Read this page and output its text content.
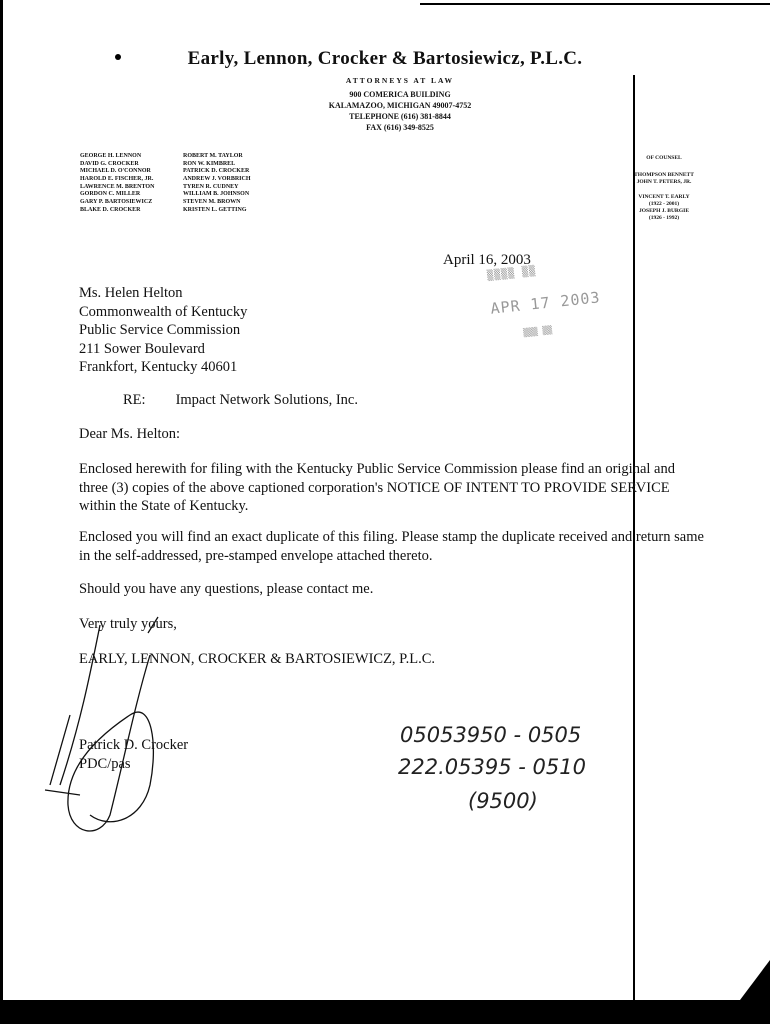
Early, Lennon, Crocker & Bartosiewicz, P.L.C.
ATTORNEYS AT LAW
900 COMERICA BUILDING
KALAMAZOO, MICHIGAN 49007-4752
TELEPHONE (616) 381-8844
FAX (616) 349-8525
GEORGE H. LENNON
DAVID G. CROCKER
MICHAEL D. O'CONNOR
HAROLD E. FISCHER, JR.
LAWRENCE M. BRENTON
GORDON C. MILLER
GARY P. BARTOSIEWICZ
BLAKE D. CROCKER
ROBERT M. TAYLOR
RON W. KIMBREL
PATRICK D. CROCKER
ANDREW J. VORBRICH
TYREN R. CUDNEY
WILLIAM B. JOHNSON
STEVEN M. BROWN
KRISTEN L. GETTING
OF COUNSEL
THOMPSON BENNETT
JOHN T. PETERS, JR.
VINCENT T. EARLY
(1922 - 2001)
JOSEPH J. BURGIE
(1926 - 1992)
▒▒▒▒ ▒▒
APR 17 2003
▒▒▒ ▒▒
April 16, 2003
Ms. Helen Helton
Commonwealth of Kentucky
Public Service Commission
211 Sower Boulevard
Frankfort, Kentucky 40601
RE: Impact Network Solutions, Inc.
Dear Ms. Helton:
Enclosed herewith for filing with the Kentucky Public Service Commission please find an original and three (3) copies of the above captioned corporation's NOTICE OF INTENT TO PROVIDE SERVICE within the State of Kentucky.
Enclosed you will find an exact duplicate of this filing. Please stamp the duplicate received and return same in the self-addressed, pre-stamped envelope attached thereto.
Should you have any questions, please contact me.
Very truly yours,
EARLY, LENNON, CROCKER & BARTOSIEWICZ, P.L.C.
Patrick D. Crocker
PDC/pas
05053950 - 0505
222.05395 - 0510
(9500)
